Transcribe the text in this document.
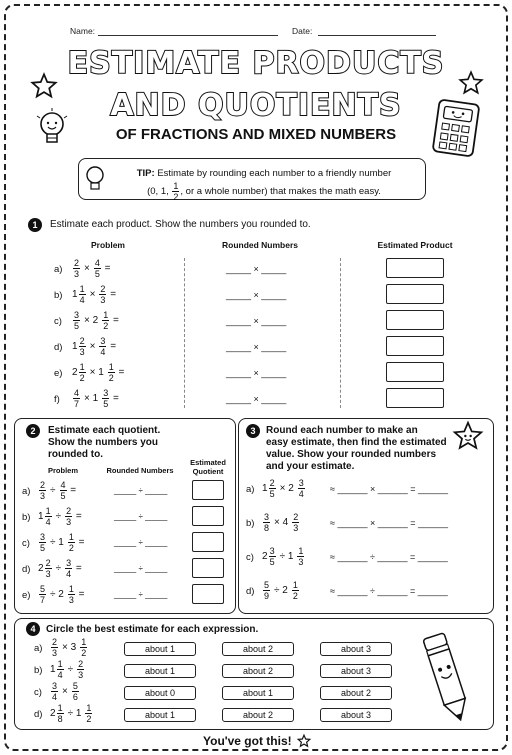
Name:	Date:
ESTIMATE PRODUCTS
AND QUOTIENTS
OF FRACTIONS AND MIXED NUMBERS
TIP: Estimate by rounding each number to a friendly number
(0, 1, $\frac{1}{2}$ , or a whole number) that makes the math easy.
1	Estimate each product. Show the numbers you rounded to.
Problem	Rounded Numbers	Estimated Product
$a) \frac{2}{3} \times \frac{4}{5}$ =	_____ × _____
b) $1 \frac{1}{4} \times \frac{2}{3}$ =	_____ × _____
$c) \frac{3}{5} \times 2 \frac{1}{2}$ =	_____ × _____
d) $1 \frac{2}{3} \times \frac{3}{4}$ =	_____ × _____
e) $2 \frac{1}{2} \times 1 \frac{1}{2}$ =	_____ × _____
$f) \frac{4}{7} \times 1 \frac{3}{5}$ =	_____ × _____
2	Estimate each quotient.
Show the numbers you
rounded to.
Problem	Rounded Numbers
Estimated
Quotient
$a) \frac{2}{3} \div \frac{4}{5}$ =	_____ ÷ _____
b) $1 \frac{1}{4} \div \frac{2}{3}$ =	_____ ÷ _____
$c) \frac{3}{5} \div 1 \frac{1}{2}$ =	_____ ÷ _____
d) $2 \frac{2}{3} \div \frac{3}{4}$ =	_____ ÷ _____
$e) \frac{5}{7} \div 2 \frac{1}{3}$ =	_____ ÷ _____
3	Round each number to make an
easy estimate, then find the estimated
value. Show your rounded numbers
and your estimate.
a) $1 \frac{2}{5} \times 2 \frac{3}{4}$	≈ ______ × ______ = ______
$b) \frac{3}{8} \times 4 \frac{2}{3}$	≈ ______ × ______ = ______
c) $2 \frac{3}{5} \div 1 \frac{1}{3}$	≈ ______ ÷ ______ = ______
$d) \frac{5}{9} \div 2 \frac{1}{2}$	≈ ______ ÷ ______ = ______
4	Circle the best estimate for each expression.
$a) \frac{2}{3} \times 3 \frac{1}{2}$	about 1	about 2	about 3
b) $1 \frac{1}{4} \div \frac{2}{3}$	about 1	about 2	about 3
$c) \frac{3}{4} \times \frac{5}{6}$	about 0	about 1	about 2
d) $2 \frac{1}{8} \div 1 \frac{1}{2}$	about 1	about 2	about 3
You've got this!
